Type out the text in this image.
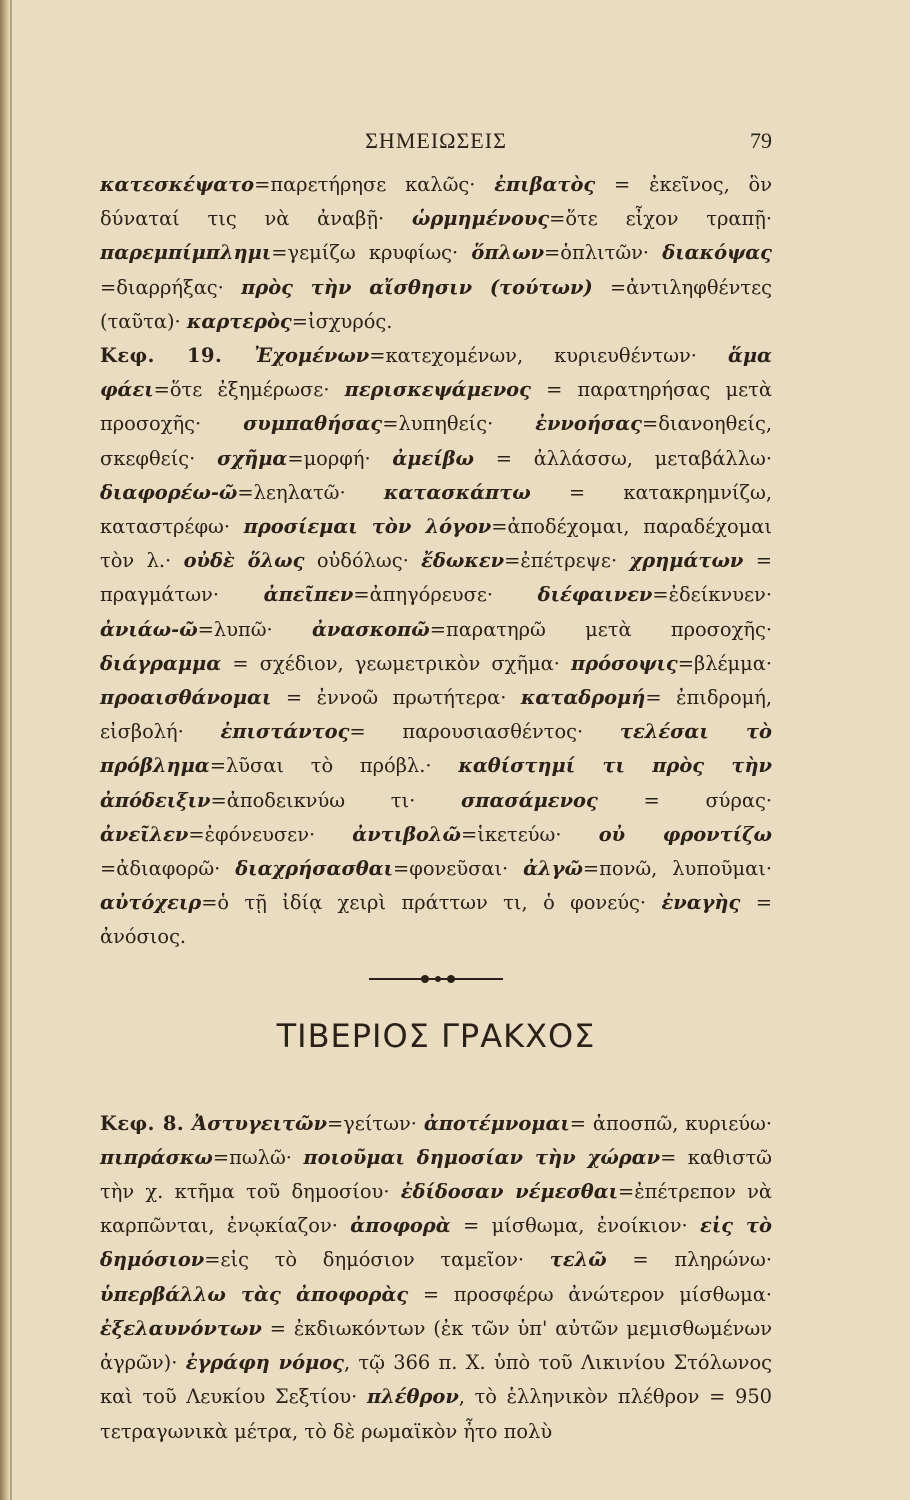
ΣΗΜΕΙΩΣΕΙΣ	79

κατεσκέψατο=παρετήρησε καλῶς· ἐπιβατὸς = ἐκεῖνος, ὃν δύναταί τις νὰ ἀναβῇ· ὡρμημένους=ὅτε εἶχον τραπῇ· παρεμπίμπλημι=γεμίζω κρυφίως· ὅπλων=ὁπλιτῶν· διακόψας =διαρρήξας· πρὸς τὴν αἴσθησιν (τούτων) =ἀντιληφθέντες (ταῦτα)· καρτερὸς=ἰσχυρός.

Κεφ. 19. Ἐχομένων=κατεχομένων, κυριευθέντων· ἅμα φάει=ὅτε ἐξημέρωσε· περισκεψάμενος = παρατηρήσας μετὰ προσοχῆς· συμπαθήσας=λυπηθείς· ἐννοήσας=διανοηθείς, σκεφθείς· σχῆμα=μορφή· ἀμείβω = ἀλλάσσω, μεταβάλλω· διαφορέω-ῶ=λεηλατῶ· κατασκάπτω = κατακρημνίζω, καταστρέφω· προσίεμαι τὸν λόγον=ἀποδέχομαι, παραδέχομαι τὸν λ.· οὐδὲ ὅλως οὐδόλως· ἔδωκεν=ἐπέτρεψε· χρημάτων = πραγμάτων· ἀπεῖπεν=ἀπηγόρευσε· διέφαινεν=ἐδείκνυεν· ἀνιάω-ῶ=λυπῶ· ἀνασκοπῶ=παρατηρῶ μετὰ προσοχῆς· διάγραμμα = σχέδιον, γεωμετρικὸν σχῆμα· πρόσοψις=βλέμμα· προαισθάνομαι = ἐννοῶ πρωτήτερα· καταδρομή= ἐπιδρομή, εἰσβολή· ἐπιστάντος= παρουσιασθέντος· τελέσαι τὸ πρόβλημα=λῦσαι τὸ πρόβλ.· καθίστημί τι πρὸς τὴν ἀπόδειξιν=ἀποδεικνύω τι· σπασάμενος = σύρας· ἀνεῖλεν=ἐφόνευσεν· ἀντιβολῶ=ἱκετεύω· οὐ φροντίζω =ἀδιαφορῶ· διαχρήσασθαι=φονεῦσαι· ἀλγῶ=πονῶ, λυποῦμαι· αὐτόχειρ=ὁ τῇ ἰδίᾳ χειρὶ πράττων τι, ὁ φονεύς· ἐναγὴς = ἀνόσιος.

ΤΙΒΕΡΙΟΣ ΓΡΑΚΧΟΣ

Κεφ. 8. Ἀστυγειτῶν=γείτων· ἀποτέμνομαι= ἀποσπῶ, κυριεύω· πιπράσκω=πωλῶ· ποιοῦμαι δημοσίαν τὴν χώραν= καθιστῶ τὴν χ. κτῆμα τοῦ δημοσίου· ἐδίδοσαν νέμεσθαι=ἐπέτρεπον νὰ καρπῶνται, ἐνῳκίαζον· ἀποφορὰ = μίσθωμα, ἐνοίκιον· εἰς τὸ δημόσιον=εἰς τὸ δημόσιον ταμεῖον· τελῶ = πληρώνω· ὑπερβάλλω τὰς ἀποφορὰς = προσφέρω ἀνώτερον μίσθωμα· ἐξελαυνόντων = ἐκδιωκόντων (ἐκ τῶν ὑπ' αὐτῶν μεμισθωμένων ἀγρῶν)· ἐγράφη νόμος, τῷ 366 π. Χ. ὑπὸ τοῦ Λικινίου Στόλωνος καὶ τοῦ Λευκίου Σεξτίου· πλέθρον, τὸ ἑλληνικὸν πλέθρον = 950 τετραγωνικὰ μέτρα, τὸ δὲ ρωμαϊκὸν ἦτο πολὺ
